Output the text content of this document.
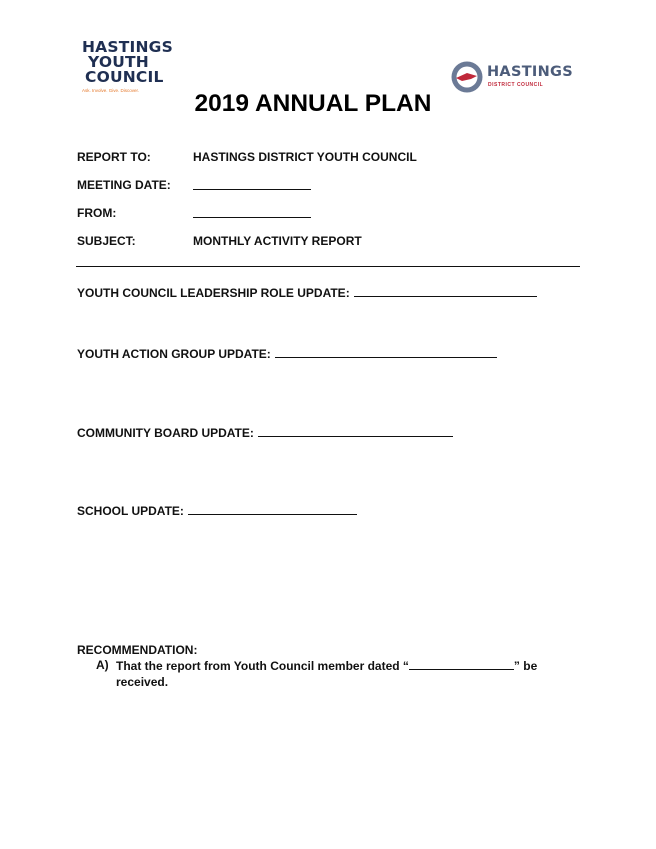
HASTINGS
YOUTH
COUNCIL
Ask. Involve. Give. Discover.
HASTINGS
DISTRICT COUNCIL
2019 ANNUAL PLAN
REPORT TO:	HASTINGS DISTRICT YOUTH COUNCIL
MEETING DATE:
FROM:
SUBJECT:	MONTHLY ACTIVITY REPORT
YOUTH COUNCIL LEADERSHIP ROLE UPDATE:
YOUTH ACTION GROUP UPDATE:
COMMUNITY BOARD UPDATE:
SCHOOL UPDATE:
RECOMMENDATION:
A) That the report from Youth Council member dated “	” be received.
